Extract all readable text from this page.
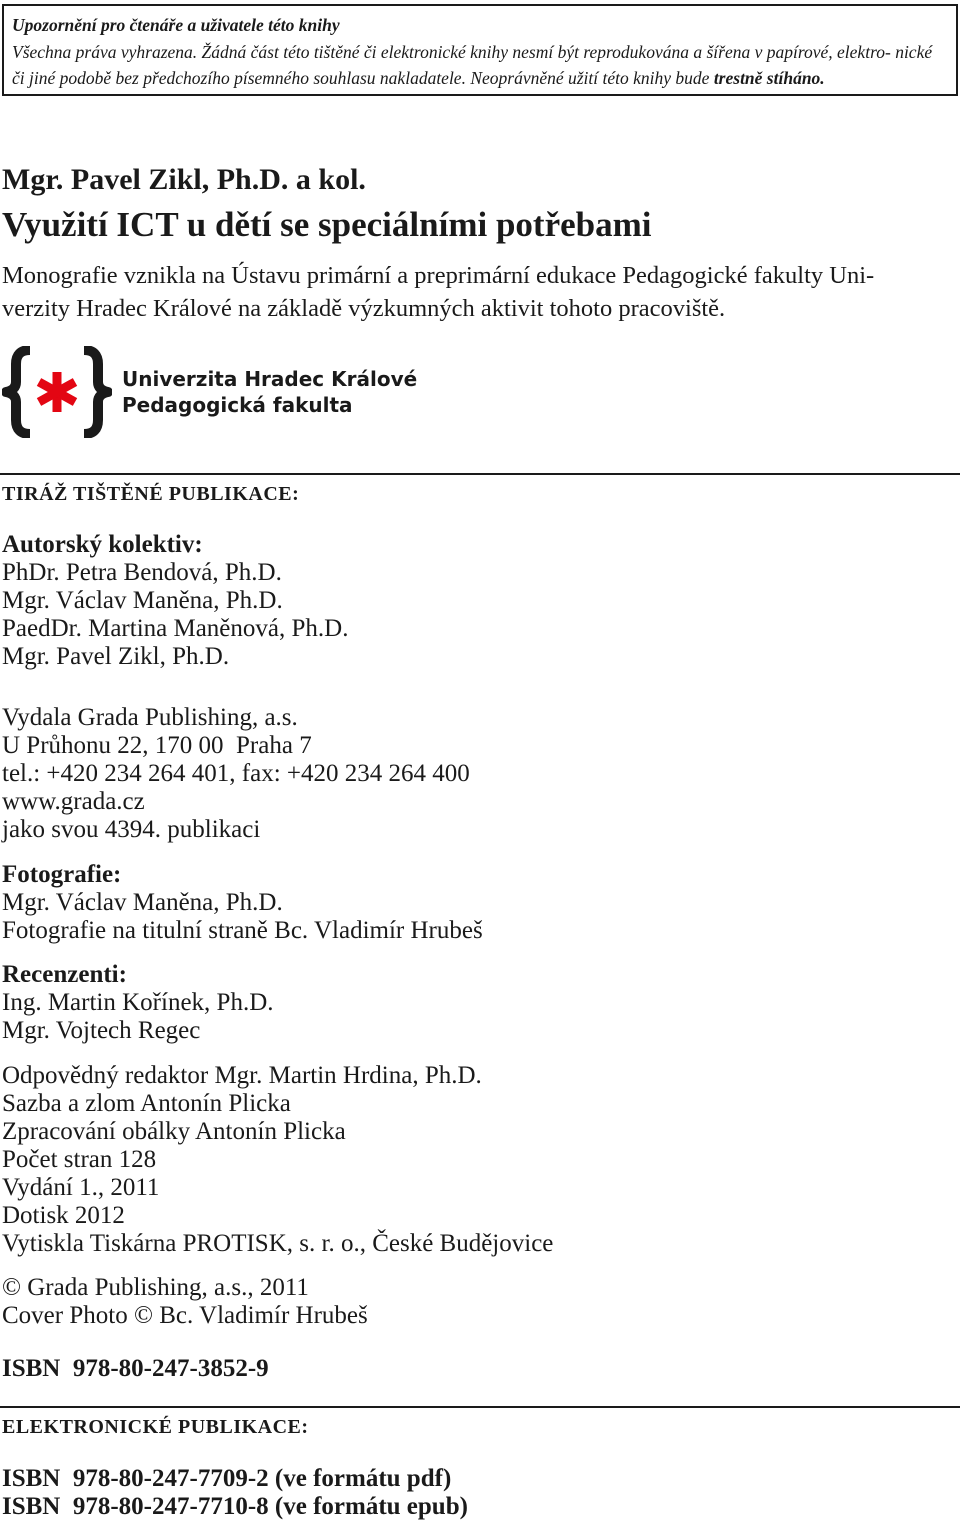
Upozornění pro čtenáře a uživatele této knihy
Všechna práva vyhrazena. Žádná část této tištěné či elektronické knihy nesmí být reprodukována a šířena v papírové, elektro- nické či jiné podobě bez předchozího písemného souhlasu nakladatele. Neoprávněné užití této knihy bude trestně stíháno.
Mgr. Pavel Zikl, Ph.D. a kol.
Využití ICT u dětí se speciálními potřebami
Monografie vznikla na Ústavu primární a preprimární edukace Pedagogické fakulty Uni-
verzity Hradec Králové na základě výzkumných aktivit tohoto pracoviště.
Univerzita Hradec Králové
Pedagogická fakulta
TIRÁŽ TIŠTĚNÉ PUBLIKACE:
Autorský kolektiv:
PhDr. Petra Bendová, Ph.D.
Mgr. Václav Maněna, Ph.D.
PaedDr. Martina Maněnová, Ph.D.
Mgr. Pavel Zikl, Ph.D.
Vydala Grada Publishing, a.s.
U Průhonu 22, 170 00  Praha 7
tel.: +420 234 264 401, fax: +420 234 264 400
www.grada.cz
jako svou 4394. publikaci
Fotografie:
Mgr. Václav Maněna, Ph.D.
Fotografie na titulní straně Bc. Vladimír Hrubeš
Recenzenti:
Ing. Martin Kořínek, Ph.D.
Mgr. Vojtech Regec
Odpovědný redaktor Mgr. Martin Hrdina, Ph.D.
Sazba a zlom Antonín Plicka
Zpracování obálky Antonín Plicka
Počet stran 128
Vydání 1., 2011
Dotisk 2012
Vytiskla Tiskárna PROTISK, s. r. o., České Budějovice
© Grada Publishing, a.s., 2011
Cover Photo © Bc. Vladimír Hrubeš
ISBN  978-80-247-3852-9
ELEKTRONICKÉ PUBLIKACE:
ISBN  978-80-247-7709-2 (ve formátu pdf)
ISBN  978-80-247-7710-8 (ve formátu epub)
